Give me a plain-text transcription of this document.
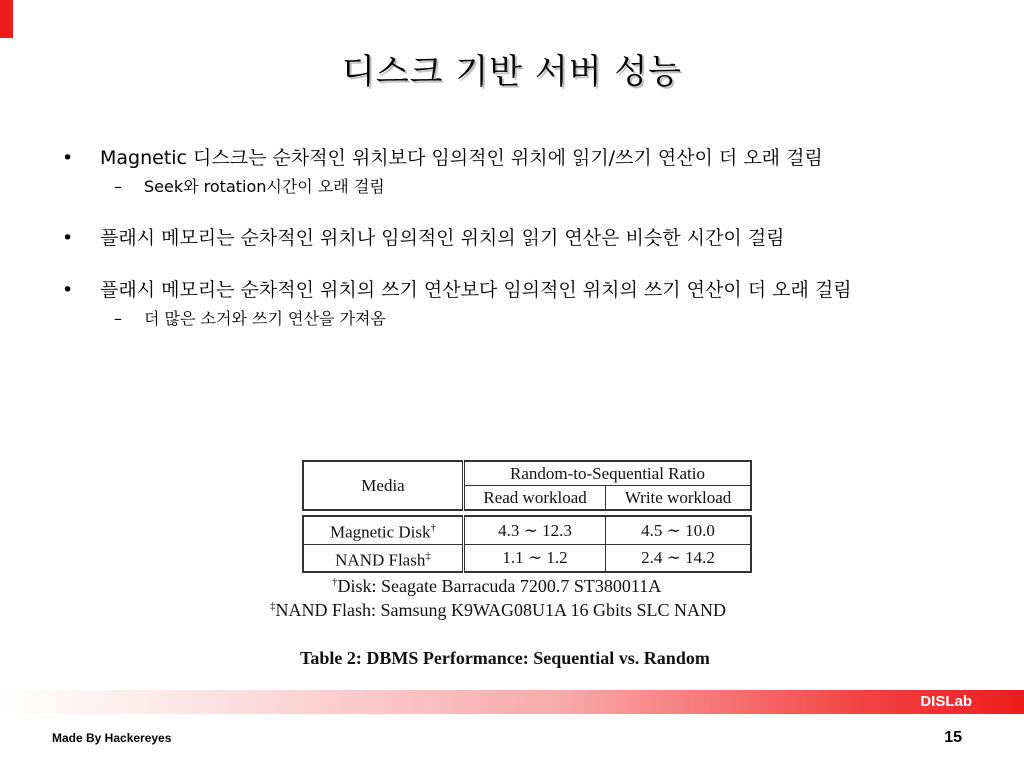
디스크 기반 서버 성능
• Magnetic 디스크는 순차적인 위치보다 임의적인 위치에 읽기/쓰기 연산이 더 오래 걸림
– Seek와 rotation시간이 오래 걸림
• 플래시 메모리는 순차적인 위치나 임의적인 위치의 읽기 연산은 비슷한 시간이 걸림
• 플래시 메모리는 순차적인 위치의 쓰기 연산보다 임의적인 위치의 쓰기 연산이 더 오래 걸림
– 더 많은 소거와 쓰기 연산을 가져옴
Media	Random-to-Sequential Ratio	
	Read workload	Write workload

Magnetic Disk†	4.3 ∼ 12.3	4.5 ∼ 10.0
NAND Flash‡	1.1 ∼ 1.2	2.4 ∼ 14.2
†Disk: Seagate Barracuda 7200.7 ST380011A
‡NAND Flash: Samsung K9WAG08U1A 16 Gbits SLC NAND
Table 2: DBMS Performance: Sequential vs. Random
DISLab
Made By Hackereyes	15
